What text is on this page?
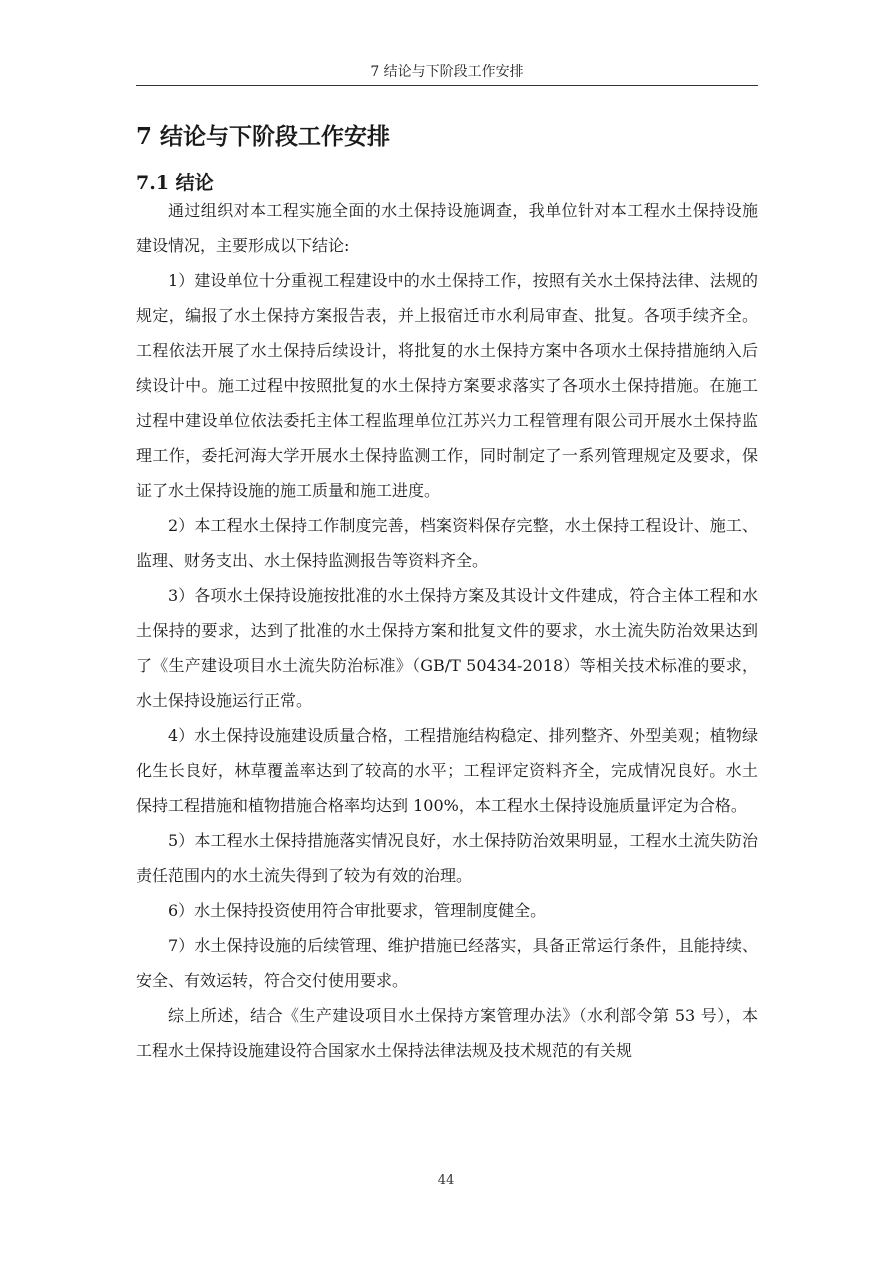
7 结论与下阶段工作安排
7 结论与下阶段工作安排
7.1 结论

通过组织对本工程实施全面的水土保持设施调查，我单位针对本工程水土保持设施建设情况，主要形成以下结论:

1）建设单位十分重视工程建设中的水土保持工作，按照有关水土保持法律、法规的规定，编报了水土保持方案报告表，并上报宿迁市水利局审查、批复。各项手续齐全。工程依法开展了水土保持后续设计，将批复的水土保持方案中各项水土保持措施纳入后续设计中。施工过程中按照批复的水土保持方案要求落实了各项水土保持措施。在施工过程中建设单位依法委托主体工程监理单位江苏兴力工程管理有限公司开展水土保持监理工作，委托河海大学开展水土保持监测工作，同时制定了一系列管理规定及要求，保证了水土保持设施的施工质量和施工进度。

2）本工程水土保持工作制度完善，档案资料保存完整，水土保持工程设计、施工、监理、财务支出、水土保持监测报告等资料齐全。

3）各项水土保持设施按批准的水土保持方案及其设计文件建成，符合主体工程和水土保持的要求，达到了批准的水土保持方案和批复文件的要求，水土流失防治效果达到了《生产建设项目水土流失防治标准》（GB/T 50434-2018）等相关技术标准的要求，水土保持设施运行正常。

4）水土保持设施建设质量合格，工程措施结构稳定、排列整齐、外型美观；植物绿化生长良好，林草覆盖率达到了较高的水平；工程评定资料齐全，完成情况良好。水土保持工程措施和植物措施合格率均达到 100%，本工程水土保持设施质量评定为合格。

5）本工程水土保持措施落实情况良好，水土保持防治效果明显，工程水土流失防治责任范围内的水土流失得到了较为有效的治理。

6）水土保持投资使用符合审批要求，管理制度健全。

7）水土保持设施的后续管理、维护措施已经落实，具备正常运行条件，且能持续、安全、有效运转，符合交付使用要求。

综上所述，结合《生产建设项目水土保持方案管理办法》（水利部令第 53 号），本工程水土保持设施建设符合国家水土保持法律法规及技术规范的有关规

44
